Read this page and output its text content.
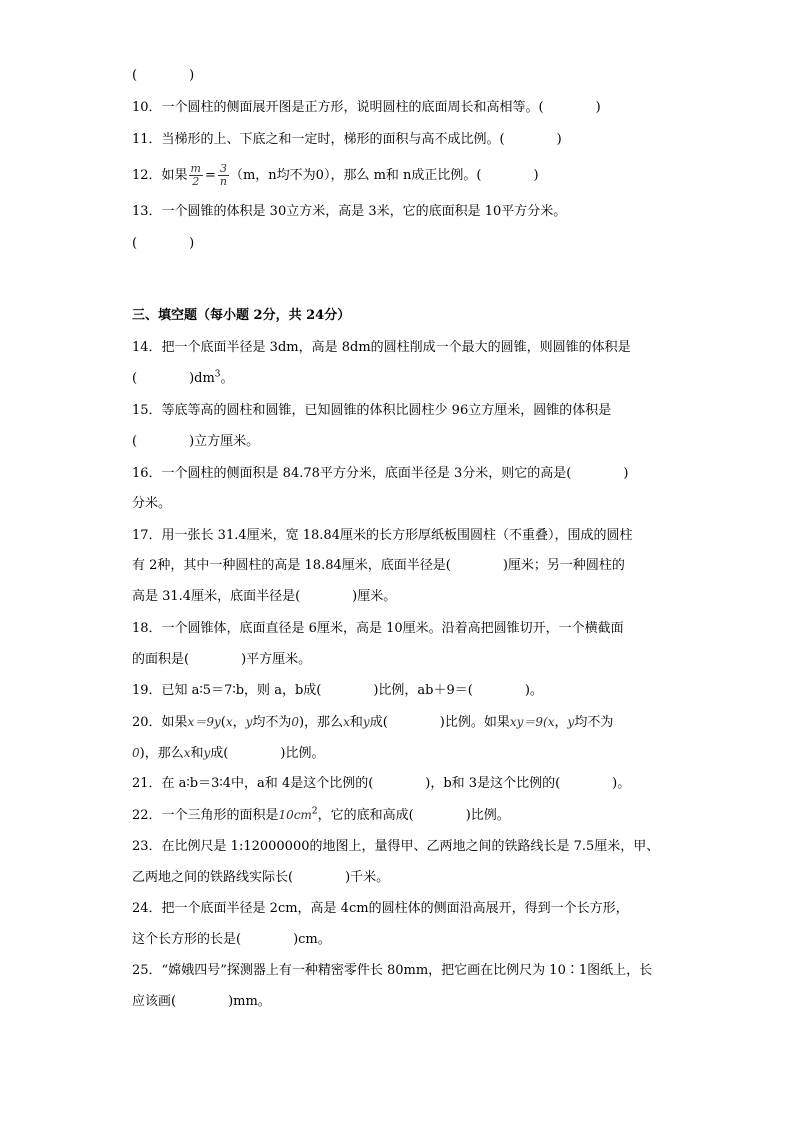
(　　　　)
10．一个圆柱的侧面展开图是正方形，说明圆柱的底面周长和高相等。(　　　　)
11．当梯形的上、下底之和一定时，梯形的面积与高不成比例。(　　　　)
12．如果 $\frac{m}{2} = \frac{3}{n} (m$，n均不为0），那么 m和 n成正比例。(　　　　)
13．一个圆锥的体积是 30立方米，高是 3米，它的底面积是 10平方分米。
(　　　　)
三、填空题（每小题 2分，共 24分）
14．把一个底面半径是 3dm，高是 8dm的圆柱削成一个最大的圆锥，则圆锥的体积是
(　　　　)$dm^3$。
15．等底等高的圆柱和圆锥，已知圆锥的体积比圆柱少 96立方厘米，圆锥的体积是
(　　　　)立方厘米。
16．一个圆柱的侧面积是 84.78平方分米，底面半径是 3分米，则它的高是(　　　　)
分米。
17．用一张长 31.4厘米，宽 18.84厘米的长方形厚纸板围圆柱（不重叠），围成的圆柱
有 2种，其中一种圆柱的高是 18.84厘米，底面半径是(　　　　)厘米；另一种圆柱的
高是 31.4厘米，底面半径是(　　　　)厘米。
18．一个圆锥体，底面直径是 6厘米，高是 10厘米。沿着高把圆锥切开，一个横截面
的面积是(　　　　)平方厘米。
19．已知 a∶5＝7∶b，则 a，b成(　　　　)比例，ab＋9＝(　　　　)。
20．如果x＝9y(x，y均不为0)，那么x和y成(　　　　)比例。如果xy＝9(x，y均不为
0)，那么x和y成(　　　　)比例。
21．在 a∶b＝3∶4中，a和 4是这个比例的(　　　　)，b和 3是这个比例的(　　　　)。
22．一个三角形的面积是$10cm^2$，它的底和高成(　　　　)比例。
23．在比例尺是 1:12000000的地图上，量得甲、乙两地之间的铁路线长是 7.5厘米，甲、
乙两地之间的铁路线实际长(　　　　)千米。
24．把一个底面半径是 2cm，高是 4cm的圆柱体的侧面沿高展开，得到一个长方形，
这个长方形的长是(　　　　)cm。
25．“嫦娥四号”探测器上有一种精密零件长 80mm，把它画在比例尺为 10∶1图纸上，长
应该画(　　　　)mm。
